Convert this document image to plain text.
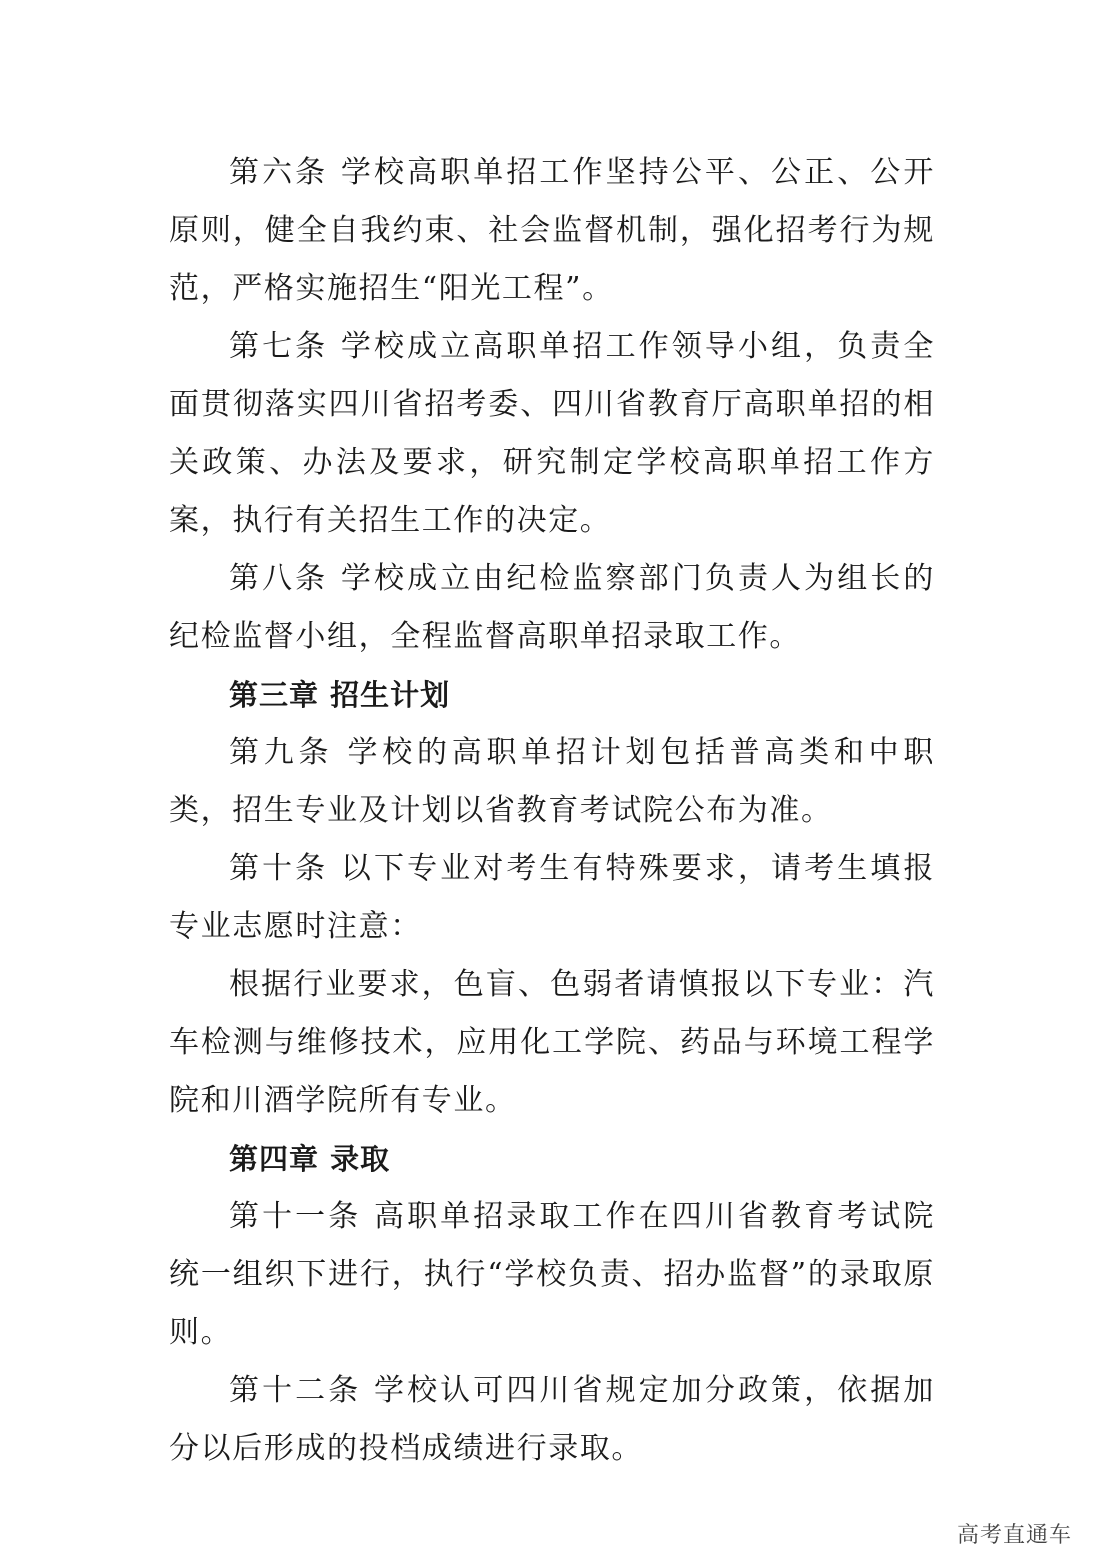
第六条 学校高职单招工作坚持公平、公正、公开原则，健全自我约束、社会监督机制，强化招考行为规范，严格实施招生“阳光工程”。

第七条 学校成立高职单招工作领导小组，负责全面贯彻落实四川省招考委、四川省教育厅高职单招的相关政策、办法及要求，研究制定学校高职单招工作方案，执行有关招生工作的决定。

第八条 学校成立由纪检监察部门负责人为组长的纪检监督小组，全程监督高职单招录取工作。

第三章 招生计划

第九条 学校的高职单招计划包括普高类和中职类，招生专业及计划以省教育考试院公布为准。

第十条 以下专业对考生有特殊要求，请考生填报专业志愿时注意：

根据行业要求，色盲、色弱者请慎报以下专业：汽车检测与维修技术，应用化工学院、药品与环境工程学院和川酒学院所有专业。

第四章 录取

第十一条 高职单招录取工作在四川省教育考试院统一组织下进行，执行“学校负责、招办监督”的录取原则。

第十二条 学校认可四川省规定加分政策，依据加分以后形成的投档成绩进行录取。

高考直通车
